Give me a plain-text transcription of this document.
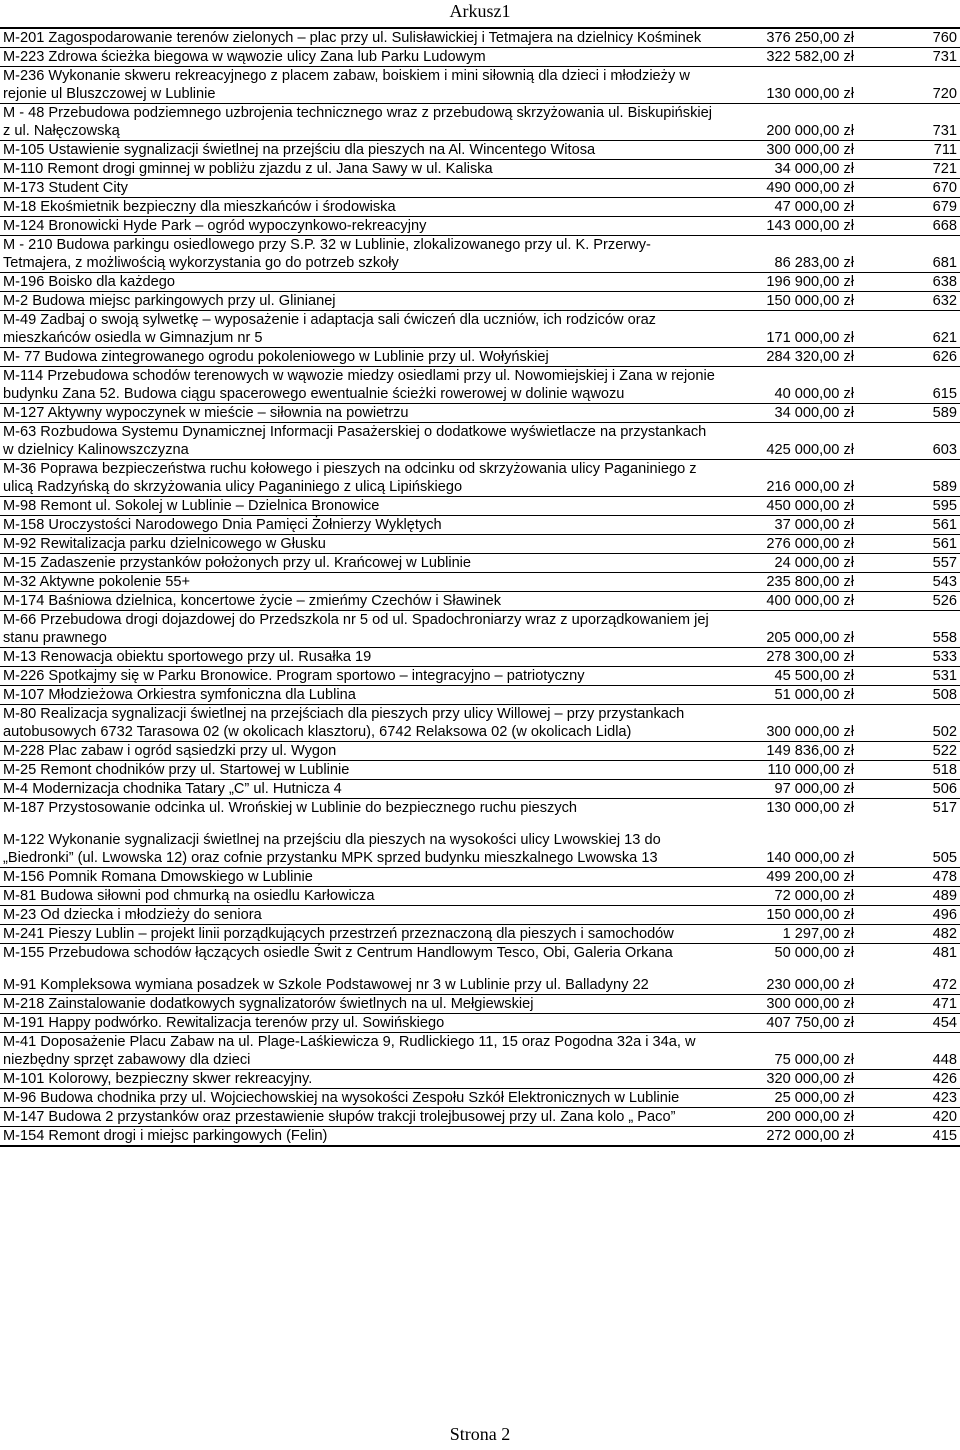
Arkusz1
M-201 Zagospodarowanie terenów zielonych – plac przy ul. Sulisławickiej i Tetmajera na dzielnicy Kośminek	376 250,00 zł	760
M-223 Zdrowa ścieżka biegowa w wąwozie ulicy Zana lub Parku Ludowym	322 582,00 zł	731
M-236 Wykonanie skweru rekreacyjnego z placem zabaw, boiskiem i mini siłownią dla dzieci i młodzieży w rejonie ul Bluszczowej w Lublinie	130 000,00 zł	720
M - 48 Przebudowa podziemnego uzbrojenia technicznego wraz z przebudową skrzyżowania ul. Biskupińskiej z ul. Nałęczowską	200 000,00 zł	731
M-105 Ustawienie sygnalizacji świetlnej na przejściu dla pieszych na Al. Wincentego Witosa	300 000,00 zł	711
M-110 Remont drogi gminnej w pobliżu zjazdu z ul. Jana Sawy w ul. Kaliska	34 000,00 zł	721
M-173 Student City	490 000,00 zł	670
M-18 Ekośmietnik bezpieczny dla mieszkańców i środowiska	47 000,00 zł	679
M-124 Bronowicki Hyde Park – ogród wypoczynkowo-rekreacyjny	143 000,00 zł	668
M - 210 Budowa parkingu osiedlowego przy S.P. 32 w Lublinie, zlokalizowanego przy ul. K. Przerwy-Tetmajera, z możliwością wykorzystania go do potrzeb szkoły	86 283,00 zł	681
M-196 Boisko dla każdego	196 900,00 zł	638
M-2 Budowa miejsc parkingowych przy ul. Glinianej	150 000,00 zł	632
M-49 Zadbaj o swoją sylwetkę – wyposażenie i adaptacja sali ćwiczeń dla uczniów, ich rodziców oraz mieszkańców osiedla w Gimnazjum nr 5	171 000,00 zł	621
M- 77 Budowa zintegrowanego ogrodu pokoleniowego w Lublinie przy ul. Wołyńskiej	284 320,00 zł	626
M-114 Przebudowa schodów terenowych w wąwozie miedzy osiedlami przy ul. Nowomiejskiej i Zana w rejonie budynku Zana 52. Budowa ciągu spacerowego ewentualnie ścieżki rowerowej w dolinie wąwozu	40 000,00 zł	615
M-127 Aktywny wypoczynek w mieście – siłownia na powietrzu	34 000,00 zł	589
M-63 Rozbudowa Systemu Dynamicznej Informacji Pasażerskiej o dodatkowe wyświetlacze na przystankach w dzielnicy Kalinowszczyzna	425 000,00 zł	603
M-36 Poprawa bezpieczeństwa ruchu kołowego i pieszych na odcinku od skrzyżowania ulicy Paganiniego z ulicą Radzyńską do skrzyżowania ulicy Paganiniego z ulicą Lipińskiego	216 000,00 zł	589
M-98 Remont ul. Sokolej w Lublinie – Dzielnica Bronowice	450 000,00 zł	595
M-158 Uroczystości Narodowego Dnia Pamięci Żołnierzy Wyklętych	37 000,00 zł	561
M-92 Rewitalizacja parku dzielnicowego w Głusku	276 000,00 zł	561
M-15 Zadaszenie przystanków położonych przy ul. Krańcowej w Lublinie	24 000,00 zł	557
M-32 Aktywne pokolenie 55+	235 800,00 zł	543
M-174 Baśniowa dzielnica, koncertowe życie – zmieńmy Czechów i Sławinek	400 000,00 zł	526
M-66 Przebudowa drogi dojazdowej do Przedszkola nr 5 od ul. Spadochroniarzy wraz z uporządkowaniem jej stanu prawnego	205 000,00 zł	558
M-13 Renowacja obiektu sportowego przy ul. Rusałka 19	278 300,00 zł	533
M-226 Spotkajmy się w Parku Bronowice. Program sportowo – integracyjno – patriotyczny	45 500,00 zł	531
M-107 Młodzieżowa Orkiestra symfoniczna dla Lublina	51 000,00 zł	508
M-80 Realizacja sygnalizacji świetlnej na przejściach dla pieszych przy ulicy Willowej – przy przystankach autobusowych 6732 Tarasowa 02 (w okolicach klasztoru), 6742 Relaksowa 02 (w okolicach Lidla)	300 000,00 zł	502
M-228 Plac zabaw i ogród sąsiedzki przy ul. Wygon	149 836,00 zł	522
M-25 Remont chodników przy ul. Startowej w Lublinie	110 000,00 zł	518
M-4 Modernizacja chodnika Tatary „C” ul. Hutnicza 4	97 000,00 zł	506
M-187 Przystosowanie odcinka ul. Wrońskiej w Lublinie do bezpiecznego ruchu pieszych	130 000,00 zł	517

M-122 Wykonanie sygnalizacji świetlnej na przejściu dla pieszych na wysokości ulicy Lwowskiej 13 do „Biedronki” (ul. Lwowska 12) oraz cofnie przystanku MPK sprzed budynku mieszkalnego Lwowska 13	140 000,00 zł	505
M-156 Pomnik Romana Dmowskiego w Lublinie	499 200,00 zł	478
M-81 Budowa siłowni pod chmurką na osiedlu Karłowicza	72 000,00 zł	489
M-23 Od dziecka i młodzieży do seniora	150 000,00 zł	496
M-241 Pieszy Lublin – projekt linii porządkujących przestrzeń przeznaczoną dla pieszych i samochodów	1 297,00 zł	482
M-155 Przebudowa schodów łączących osiedle Świt z Centrum Handlowym Tesco, Obi, Galeria Orkana	50 000,00 zł	481

M-91 Kompleksowa wymiana posadzek w Szkole Podstawowej nr 3 w Lublinie przy ul. Balladyny 22	230 000,00 zł	472
M-218 Zainstalowanie dodatkowych sygnalizatorów świetlnych na ul. Mełgiewskiej	300 000,00 zł	471
M-191 Happy podwórko. Rewitalizacja terenów przy ul. Sowińskiego	407 750,00 zł	454
M-41 Doposażenie Placu Zabaw na ul. Plage-Laśkiewicza 9, Rudlickiego 11, 15 oraz Pogodna 32a i 34a, w niezbędny sprzęt zabawowy dla dzieci	75 000,00 zł	448
M-101 Kolorowy, bezpieczny skwer rekreacyjny.	320 000,00 zł	426
M-96 Budowa chodnika przy ul. Wojciechowskiej na wysokości Zespołu Szkół Elektronicznych w Lublinie	25 000,00 zł	423
M-147 Budowa 2 przystanków oraz przestawienie słupów trakcji trolejbusowej przy ul. Zana kolo „ Paco”	200 000,00 zł	420
M-154 Remont drogi i miejsc parkingowych (Felin)	272 000,00 zł	415
Strona 2
